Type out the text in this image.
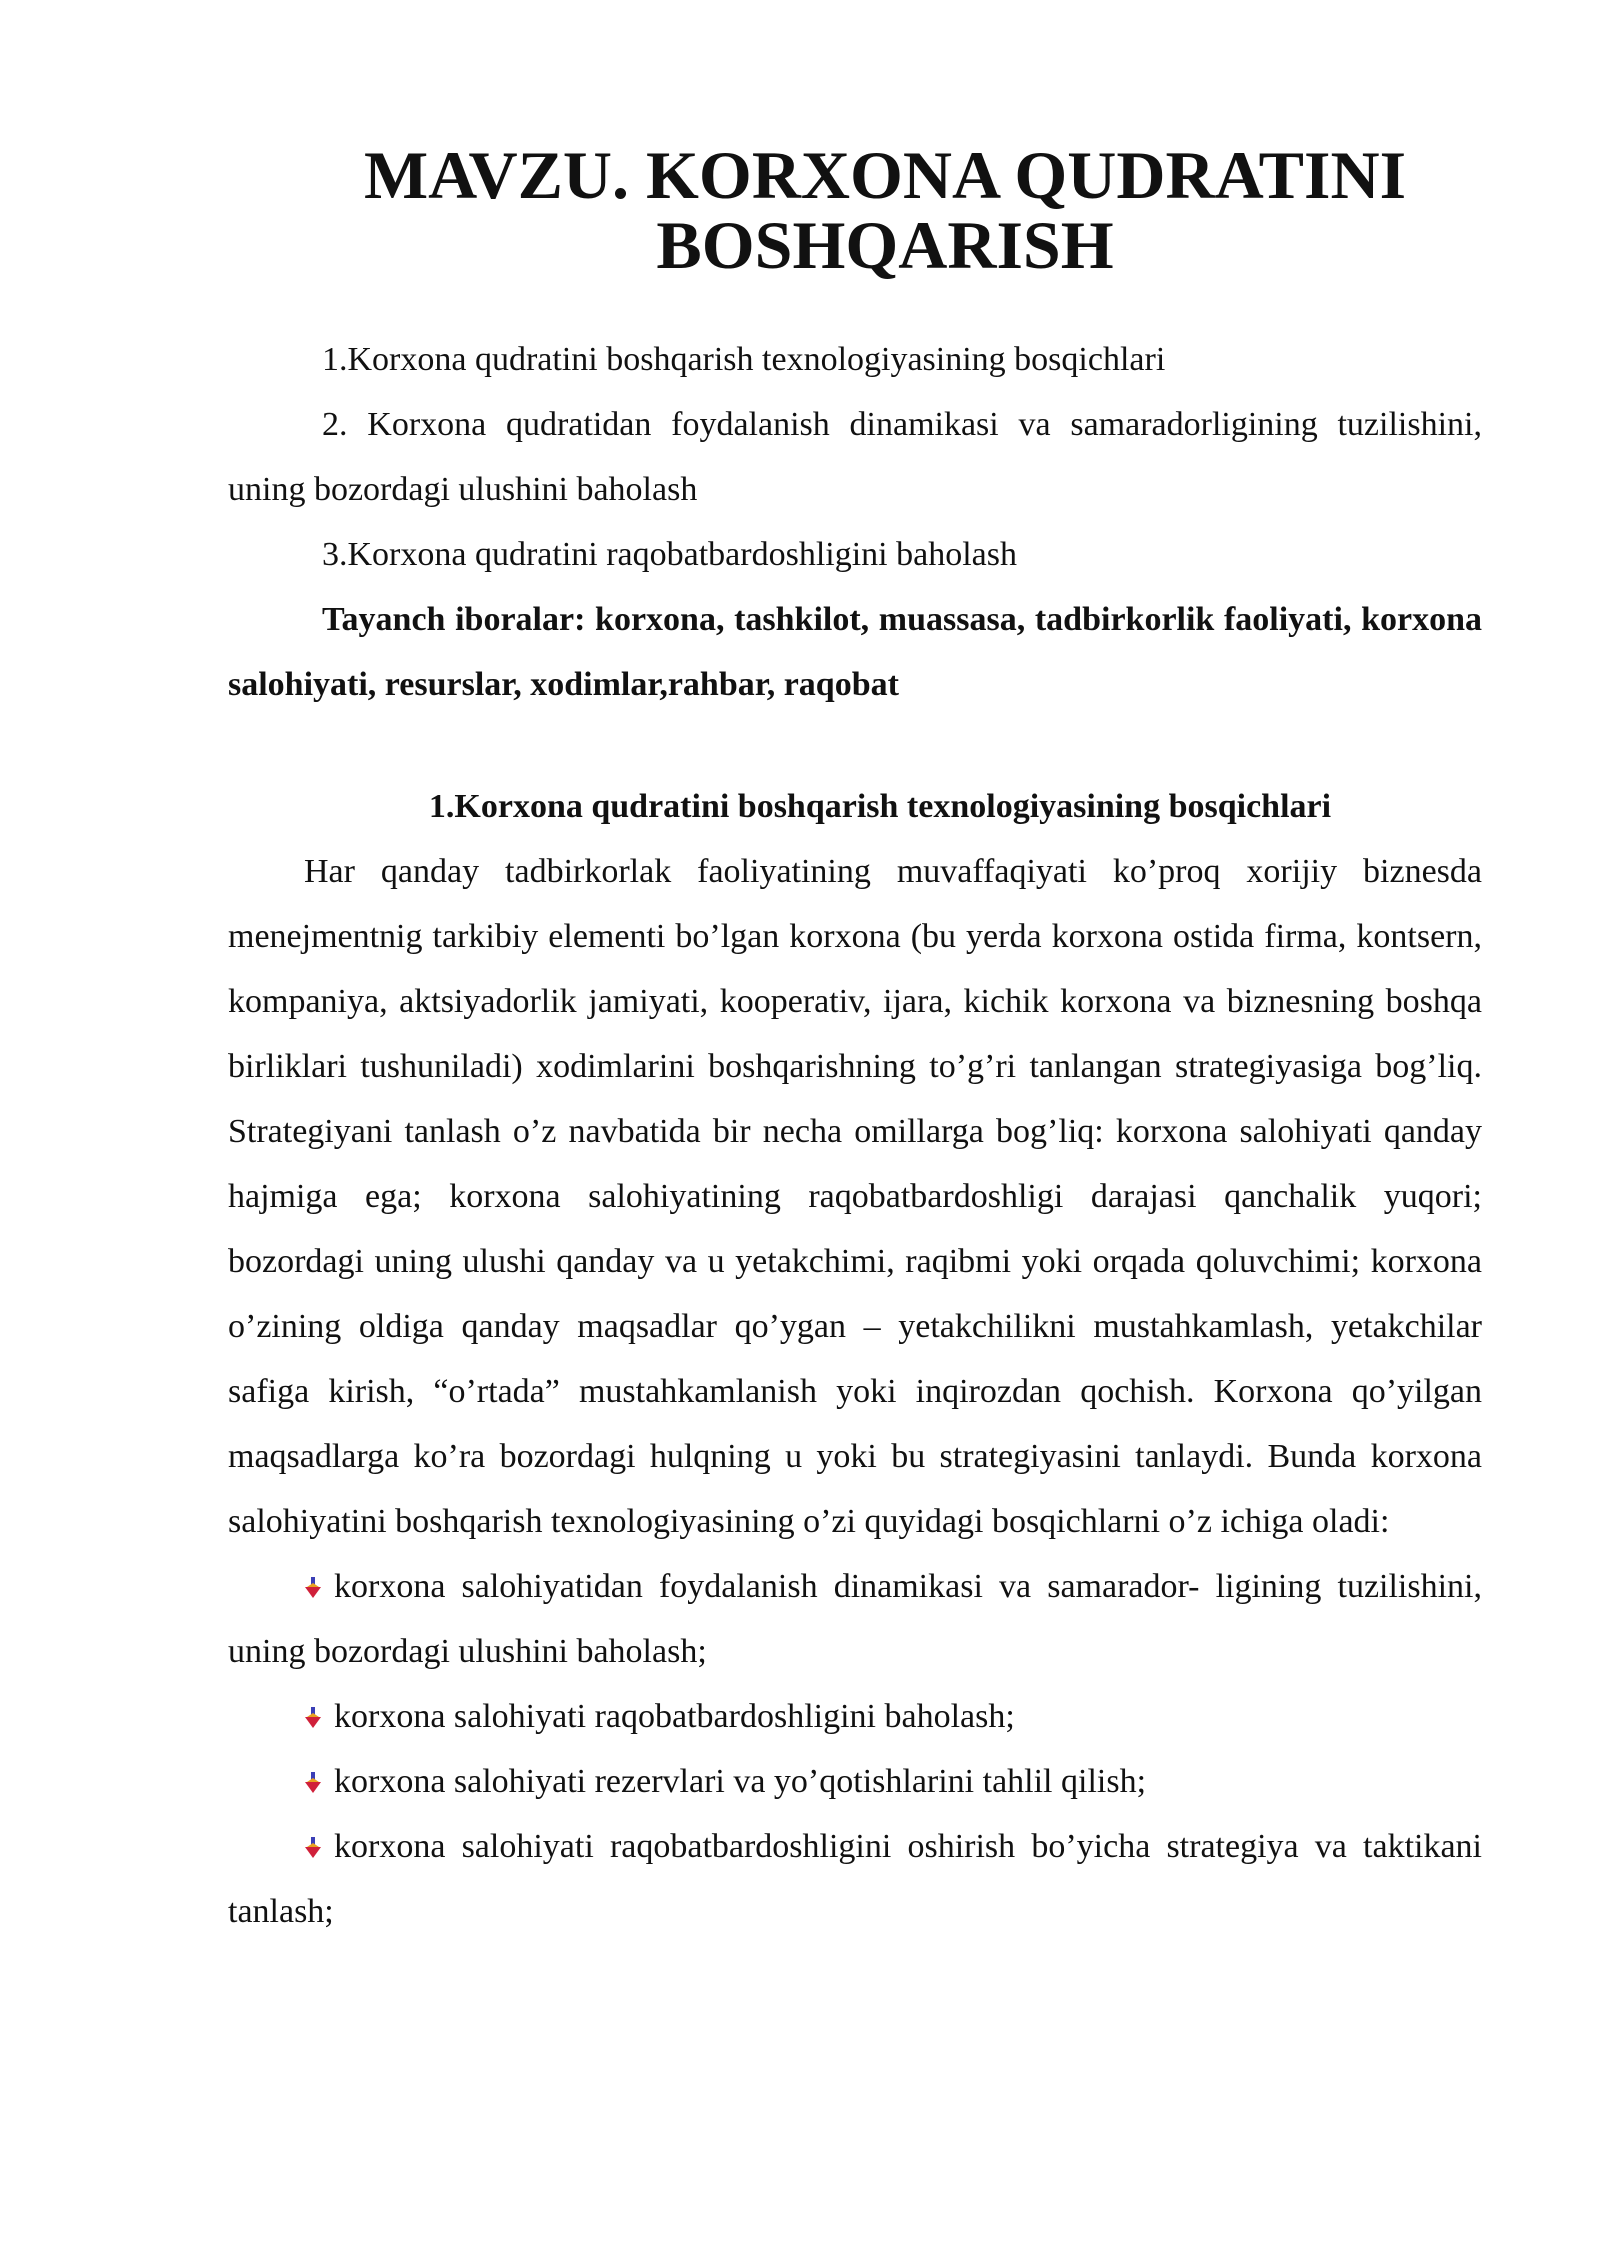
MAVZU. KORXONA QUDRATINI BOSHQARISH

1.Korxona qudratini boshqarish texnologiyasining bosqichlari

2. Korxona qudratidan foydalanish dinamikasi va samaradorligining tuzilishini, uning bozordagi ulushini baholash

3.Korxona qudratini raqobatbardoshligini baholash

Tayanch iboralar: korxona, tashkilot, muassasa, tadbirkorlik faoliyati, korxona salohiyati, resurslar, xodimlar,rahbar, raqobat

1.Korxona qudratini boshqarish texnologiyasining bosqichlari

Har qanday tadbirkorlak faoliyatining muvaffaqiyati ko’proq xorijiy biznesda menejmentnig tarkibiy elementi bo’lgan korxona (bu yerda korxona ostida firma, kontsern, kompaniya, aktsiyadorlik jamiyati, kooperativ, ijara, kichik korxona va biznesning boshqa birliklari tushuniladi) xodimlarini boshqarishning to’g’ri tanlangan strategiyasiga bog’liq. Strategiyani tanlash o’z navbatida bir necha omillarga bog’liq: korxona salohiyati qanday hajmiga ega; korxona salohiyatining raqobatbardoshligi darajasi qanchalik yuqori; bozordagi uning ulushi qanday va u yetakchimi, raqibmi yoki orqada qoluvchimi; korxona o’zining oldiga qanday maqsadlar qo’ygan – yetakchilikni mustahkamlash, yetakchilar safiga kirish, “o’rtada” mustahkamlanish yoki inqirozdan qochish. Korxona qo’yilgan maqsadlarga ko’ra bozordagi hulqning u yoki bu strategiyasini tanlaydi. Bunda korxona salohiyatini boshqarish texnologiyasining o’zi quyidagi bosqichlarni o’z ichiga oladi:

korxona salohiyatidan foydalanish dinamikasi va samarador- ligining tuzilishini, uning bozordagi ulushini baholash;

korxona salohiyati raqobatbardoshligini baholash;

korxona salohiyati rezervlari va yo’qotishlarini tahlil qilish;

korxona salohiyati raqobatbardoshligini oshirish bo’yicha strategiya va taktikani tanlash;
